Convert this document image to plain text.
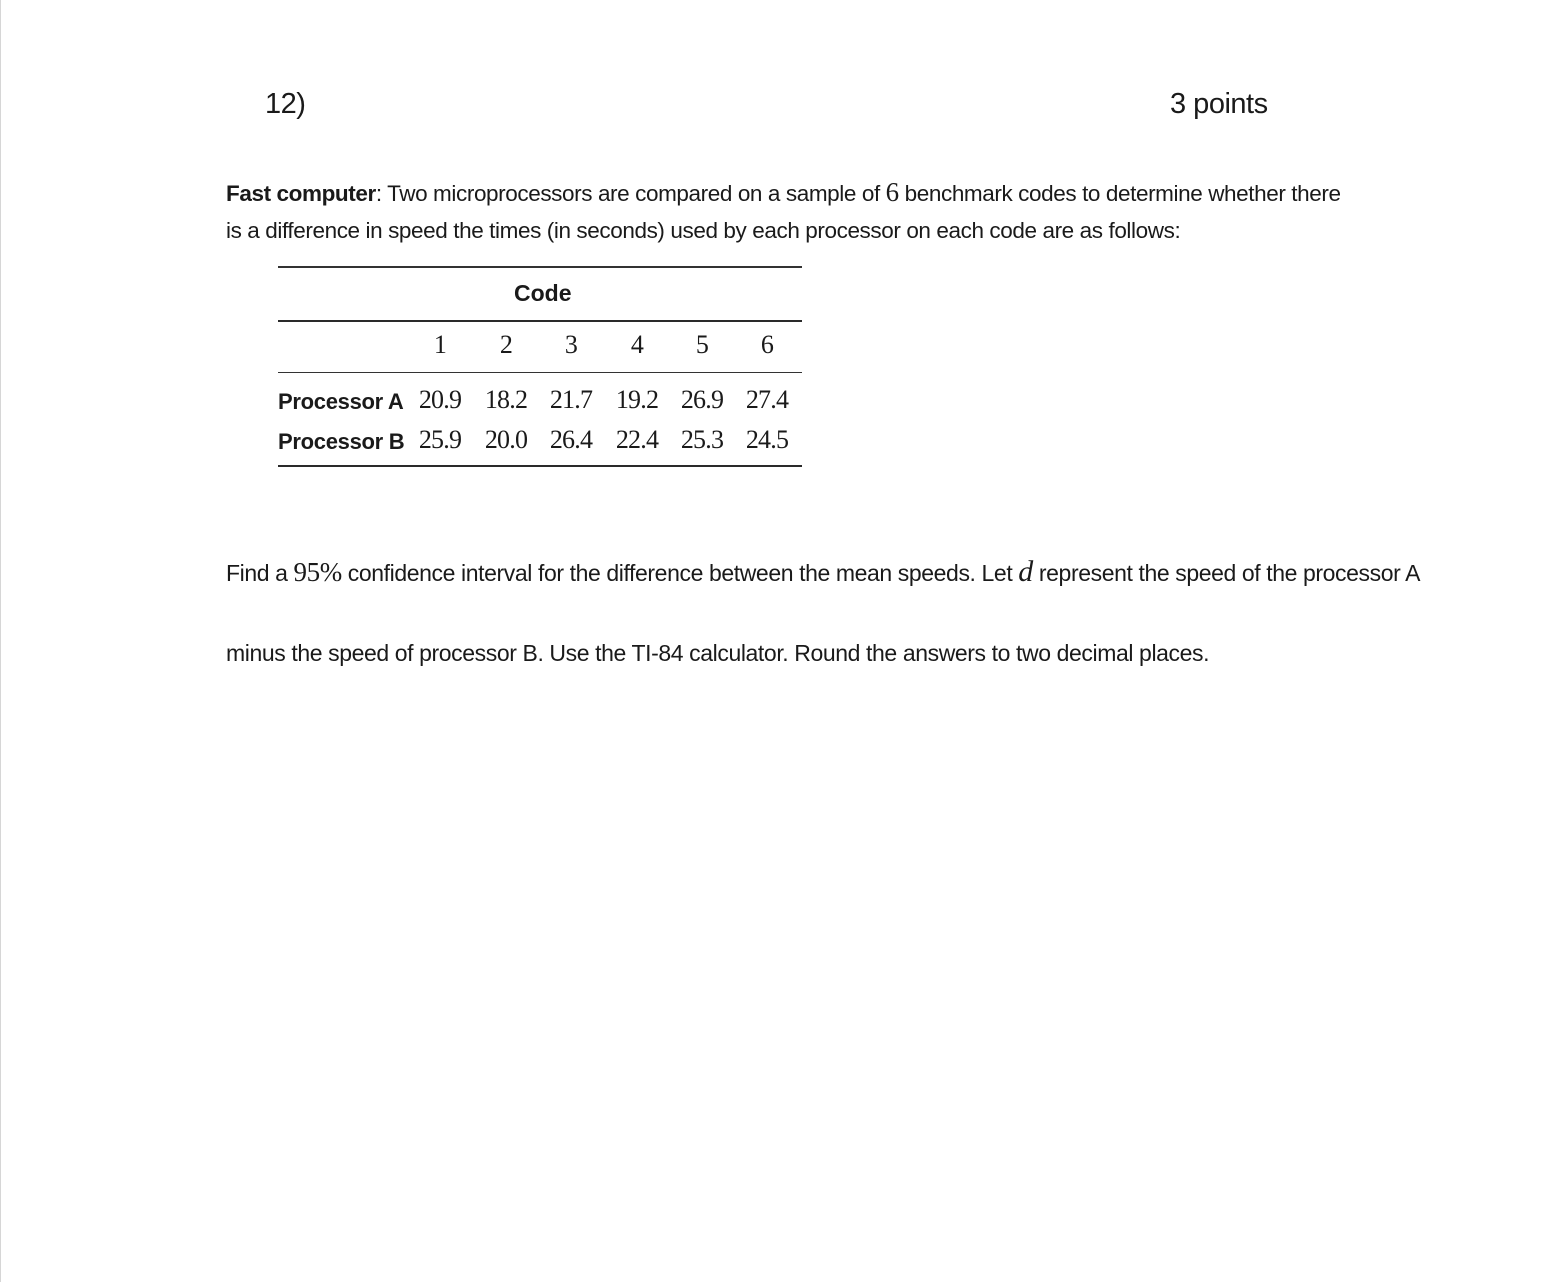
12)	3 points
Fast computer: Two microprocessors are compared on a sample of 6 benchmark codes to determine whether there is a difference in speed the times (in seconds) used by each processor on each code are as follows:
Code
1	2	3	4	5	6
Processor A 20.9 18.2 21.7 19.2 26.9 27.4
Processor B 25.9 20.0 26.4 22.4 25.3 24.5
Find a 95% confidence interval for the difference between the mean speeds. Let d represent the speed of the processor A minus the speed of processor B. Use the TI-84 calculator. Round the answers to two decimal places.
